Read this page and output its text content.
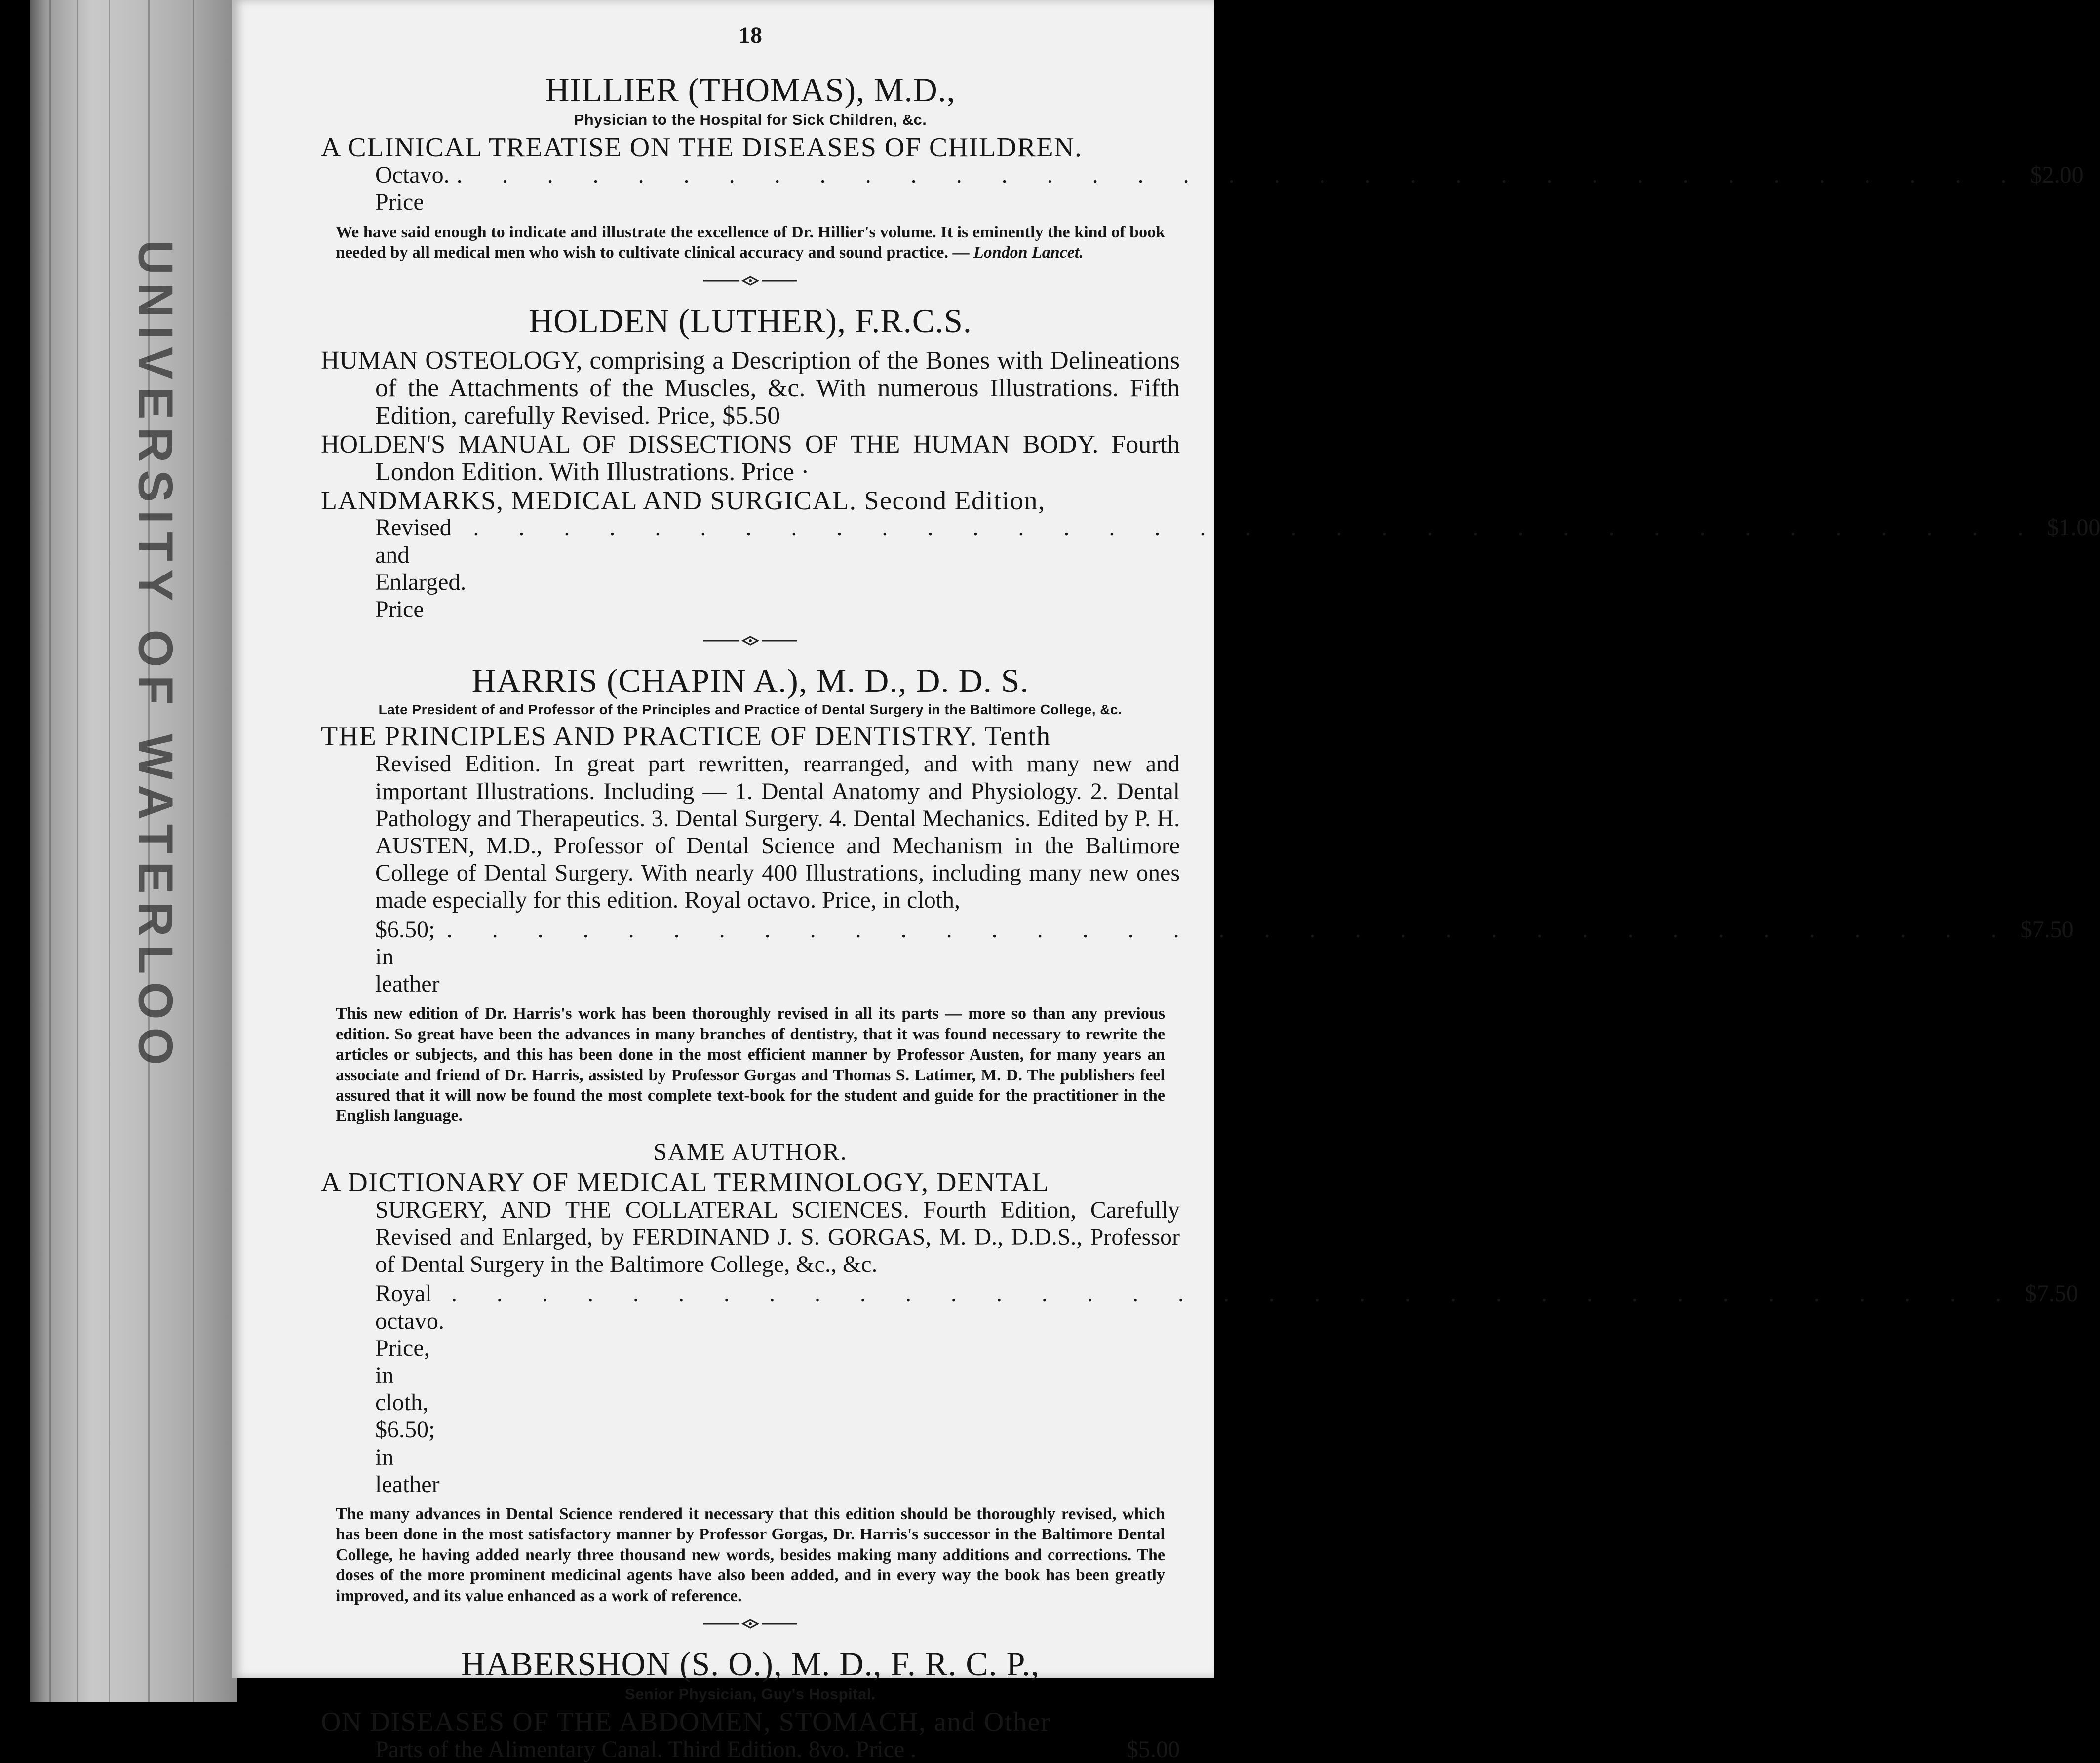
UNIVERSITY OF WATERLOO
18

HILLIER (THOMAS), M.D.,

Physician to the Hospital for Sick Children, &c.

A CLINICAL TREATISE ON THE DISEASES OF CHILDREN.

Octavo. Price
. . . . . . . . . . . . . . . . . . . . . . . . . . . . . . . . . . . $2.00

We have said enough to indicate and illustrate the excellence of Dr. Hillier's volume. It is eminently the kind of book needed by all medical men who wish to cultivate clinical accuracy and sound practice. — London Lancet.

HOLDEN (LUTHER), F.R.C.S.

HUMAN OSTEOLOGY, comprising a Description of the Bones with Delineations of the Attachments of the Muscles, &c. With numerous Illustrations. Fifth Edition, carefully Revised. Price, $5.50

HOLDEN'S MANUAL OF DISSECTIONS OF THE HUMAN BODY. Fourth London Edition. With Illustrations. Price ·

LANDMARKS, MEDICAL AND SURGICAL. Second Edition,

Revised and Enlarged. Price
. . . . . . . . . . . . . . . . . . . . . . . . . . . . . . . . . . . $1.00

HARRIS (CHAPIN A.), M. D., D. D. S.

Late President of and Professor of the Principles and Practice of Dental Surgery in the Baltimore College, &c.

THE PRINCIPLES AND PRACTICE OF DENTISTRY. Tenth

Revised Edition. In great part rewritten, rearranged, and with many new and important Illustrations. Including — 1. Dental Anatomy and Physiology. 2. Dental Pathology and Therapeutics. 3. Dental Surgery. 4. Dental Mechanics. Edited by P. H. AUSTEN, M.D., Professor of Dental Science and Mechanism in the Baltimore College of Dental Surgery. With nearly 400 Illustrations, including many new ones made especially for this edition. Royal octavo. Price, in cloth,

$6.50; in leather
. . . . . . . . . . . . . . . . . . . . . . . . . . . . . . . . . . . $7.50

This new edition of Dr. Harris's work has been thoroughly revised in all its parts — more so than any previous edition. So great have been the advances in many branches of dentistry, that it was found necessary to rewrite the articles or subjects, and this has been done in the most efficient manner by Professor Austen, for many years an associate and friend of Dr. Harris, assisted by Professor Gorgas and Thomas S. Latimer, M. D. The publishers feel assured that it will now be found the most complete text-book for the student and guide for the practitioner in the English language.

SAME AUTHOR.

A DICTIONARY OF MEDICAL TERMINOLOGY, DENTAL

SURGERY, AND THE COLLATERAL SCIENCES. Fourth Edition, Carefully Revised and Enlarged, by FERDINAND J. S. GORGAS, M. D., D.D.S., Professor of Dental Surgery in the Baltimore College, &c., &c.

Royal octavo. Price, in cloth, $6.50; in leather
. . . . . . . . . . . . . . . . . . . . . . . . . . . . . . . . . . . $7.50

The many advances in Dental Science rendered it necessary that this edition should be thoroughly revised, which has been done in the most satisfactory manner by Professor Gorgas, Dr. Harris's successor in the Baltimore Dental College, he having added nearly three thousand new words, besides making many additions and corrections. The doses of the more prominent medicinal agents have also been added, and in every way the book has been greatly improved, and its value enhanced as a work of reference.

HABERSHON (S. O.), M. D., F. R. C. P.,

Senior Physician, Guy's Hospital.

ON DISEASES OF THE ABDOMEN, STOMACH, and Other

Parts of the Alimentary Canal. Third Edition. 8vo. Price .	$5.00
